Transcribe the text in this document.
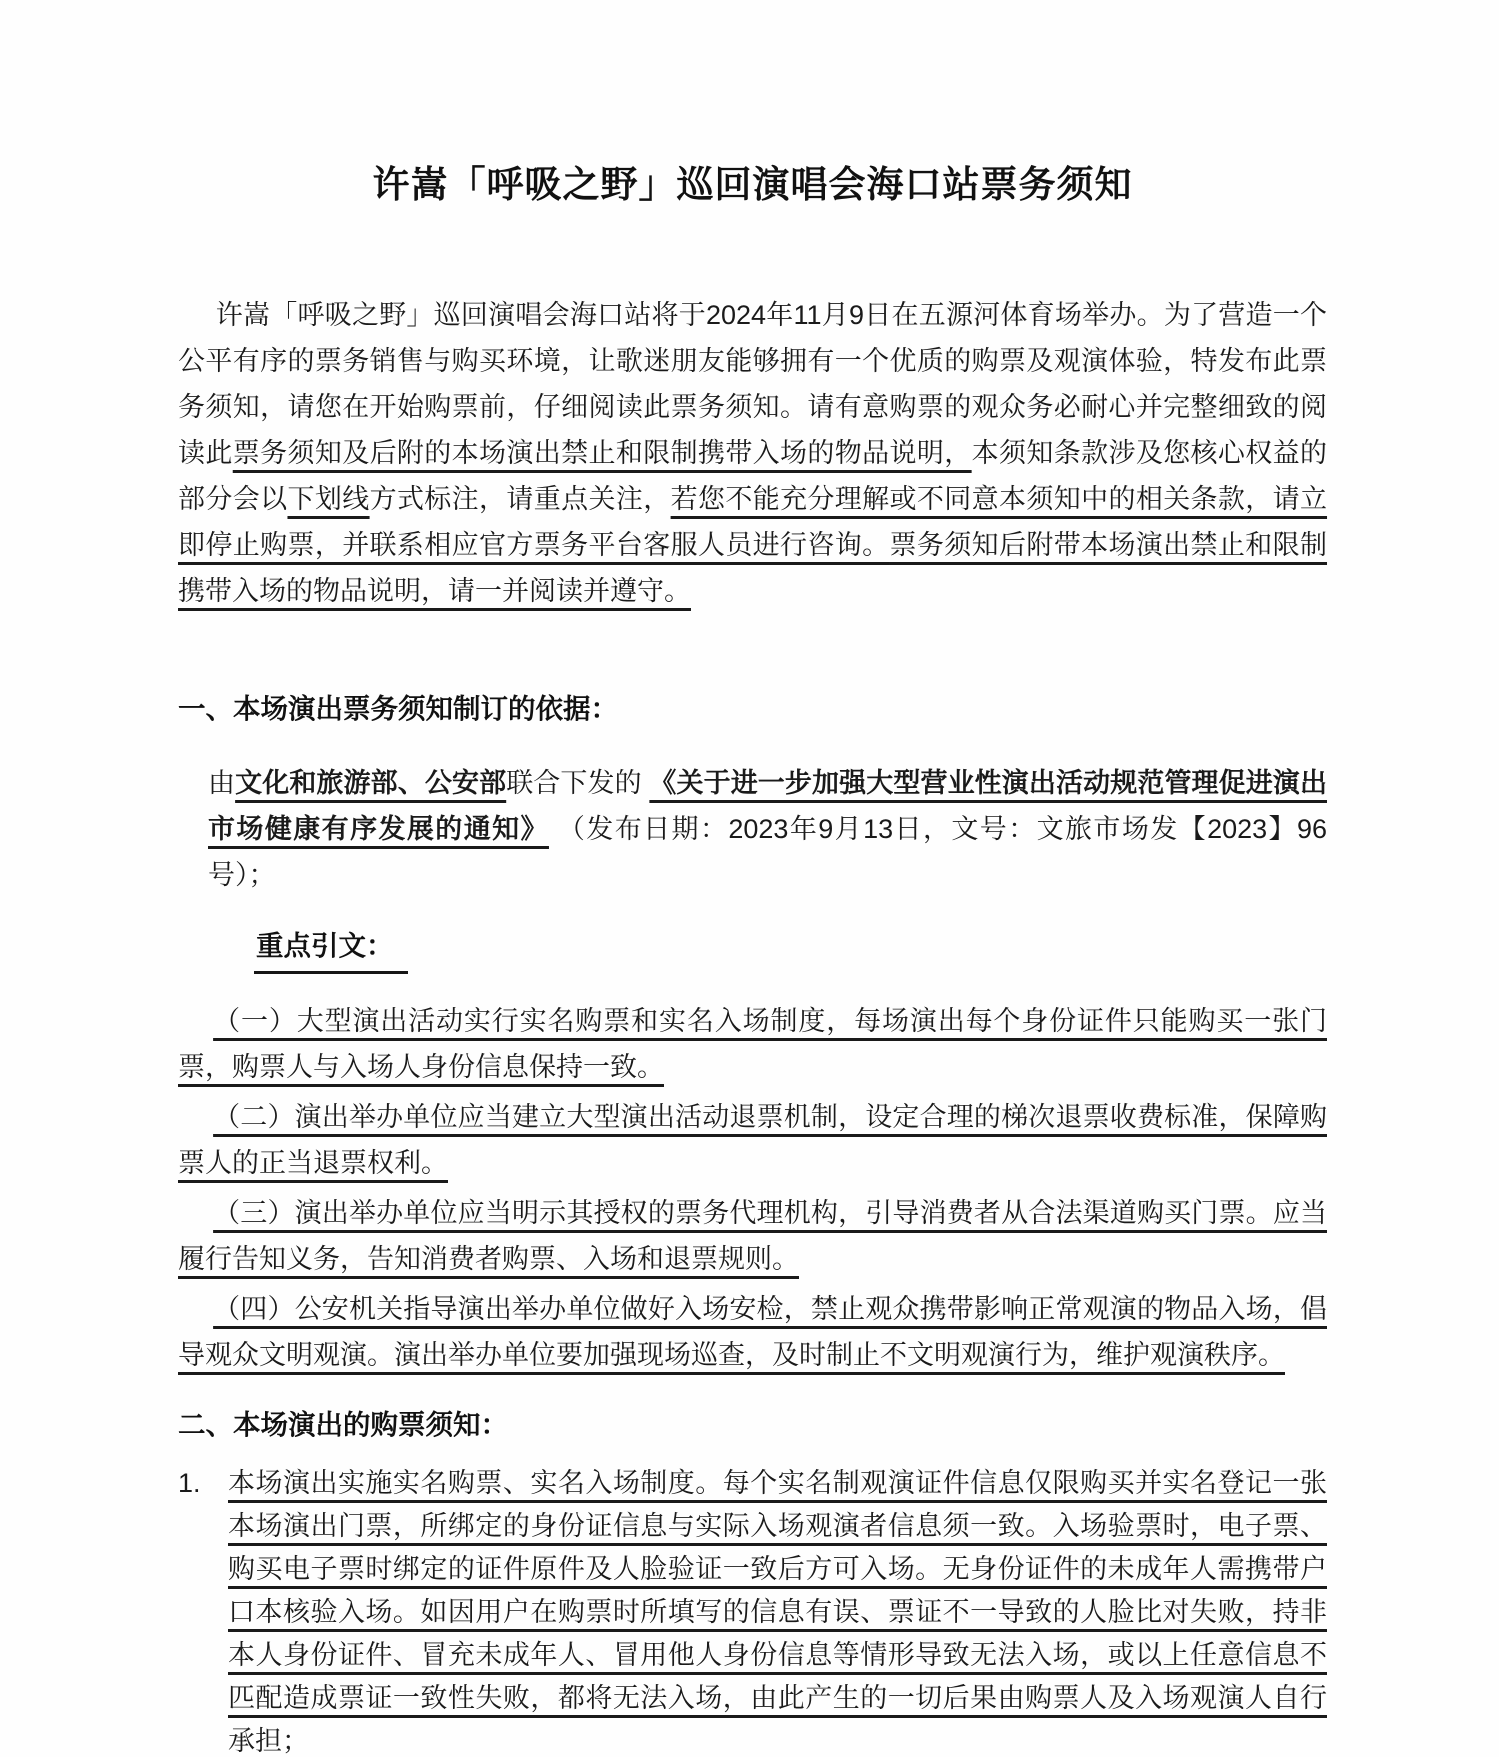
许嵩「呼吸之野」巡回演唱会海口站票务须知

许嵩「呼吸之野」巡回演唱会海口站将于2024年11月9日在五源河体育场举办。为了营造一个公平有序的票务销售与购买环境，让歌迷朋友能够拥有一个优质的购票及观演体验，特发布此票务须知，请您在开始购票前，仔细阅读此票务须知。请有意购票的观众务必耐心并完整细致的阅读此票务须知及后附的本场演出禁止和限制携带入场的物品说明，本须知条款涉及您核心权益的部分会以下划线方式标注，请重点关注，若您不能充分理解或不同意本须知中的相关条款，请立即停止购票，并联系相应官方票务平台客服人员进行咨询。票务须知后附带本场演出禁止和限制携带入场的物品说明，请一并阅读并遵守。

一、本场演出票务须知制订的依据：

由文化和旅游部、公安部联合下发的 《关于进一步加强大型营业性演出活动规范管理促进演出市场健康有序发展的通知》 （发布日期：2023年9月13日，文号：文旅市场发【2023】96号）；

重点引文：

（一）大型演出活动实行实名购票和实名入场制度，每场演出每个身份证件只能购买一张门票，购票人与入场人身份信息保持一致。

（二）演出举办单位应当建立大型演出活动退票机制，设定合理的梯次退票收费标准，保障购票人的正当退票权利。

（三）演出举办单位应当明示其授权的票务代理机构，引导消费者从合法渠道购买门票。应当履行告知义务，告知消费者购票、入场和退票规则。

（四）公安机关指导演出举办单位做好入场安检，禁止观众携带影响正常观演的物品入场，倡导观众文明观演。演出举办单位要加强现场巡查，及时制止不文明观演行为，维护观演秩序。

二、本场演出的购票须知：
1.	本场演出实施实名购票、实名入场制度。每个实名制观演证件信息仅限购买并实名登记一张本场演出门票，所绑定的身份证信息与实际入场观演者信息须一致。入场验票时，电子票、购买电子票时绑定的证件原件及人脸验证一致后方可入场。无身份证件的未成年人需携带户口本核验入场。如因用户在购票时所填写的信息有误、票证不一导致的人脸比对失败，持非本人身份证件、冒充未成年人、冒用他人身份信息等情形导致无法入场，或以上任意信息不匹配造成票证一致性失败，都将无法入场，由此产生的一切后果由购票人及入场观演人自行承担；
